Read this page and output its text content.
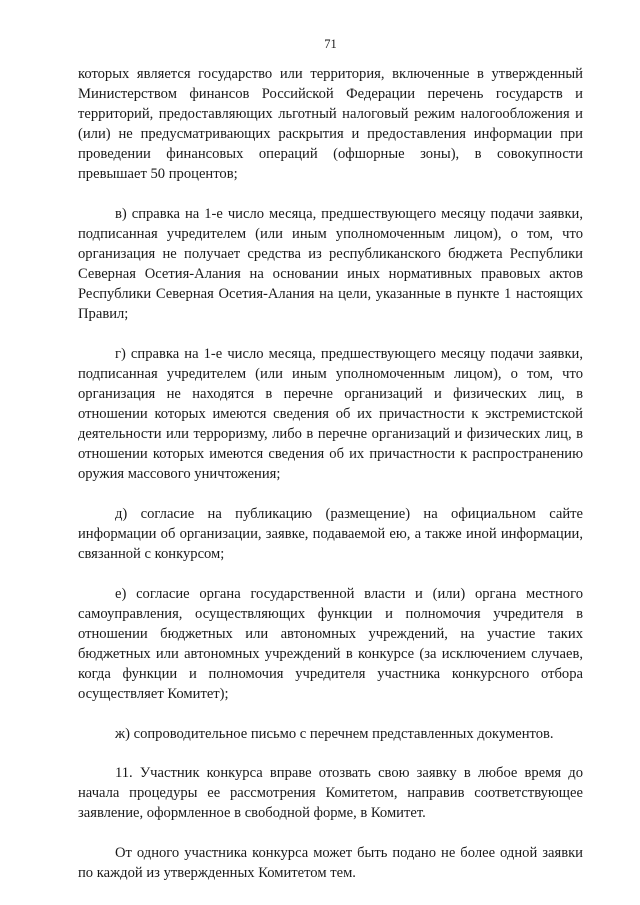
71

которых является государство или территория, включенные в утвержденный Министерством финансов Российской Федерации перечень государств и территорий, предоставляющих льготный налоговый режим налогообложения и (или) не предусматривающих раскрытия и предоставления информации при проведении финансовых операций (офшорные зоны), в совокупности превышает 50 процентов;

в) справка на 1-е число месяца, предшествующего месяцу подачи заявки, подписанная учредителем (или иным уполномоченным лицом), о том, что организация не получает средства из республиканского бюджета Республики Северная Осетия-Алания на основании иных нормативных правовых актов Республики Северная Осетия-Алания на цели, указанные в пункте 1 настоящих Правил;

г) справка на 1-е число месяца, предшествующего месяцу подачи заявки, подписанная учредителем (или иным уполномоченным лицом), о том, что организация не находятся в перечне организаций и физических лиц, в отношении которых имеются сведения об их причастности к экстремистской деятельности или терроризму, либо в перечне организаций и физических лиц, в отношении которых имеются сведения об их причастности к распространению оружия массового уничтожения;

д) согласие на публикацию (размещение) на официальном сайте информации об организации, заявке, подаваемой ею, а также иной информации, связанной с конкурсом;

е) согласие органа государственной власти и (или) органа местного самоуправления, осуществляющих функции и полномочия учредителя в отношении бюджетных или автономных учреждений, на участие таких бюджетных или автономных учреждений в конкурсе (за исключением случаев, когда функции и полномочия учредителя участника конкурсного отбора осуществляет Комитет);

ж) сопроводительное письмо с перечнем представленных документов.

11. Участник конкурса вправе отозвать свою заявку в любое время до начала процедуры ее рассмотрения Комитетом, направив соответствующее заявление, оформленное в свободной форме, в Комитет.

От одного участника конкурса может быть подано не более одной заявки по каждой из утвержденных Комитетом тем.
